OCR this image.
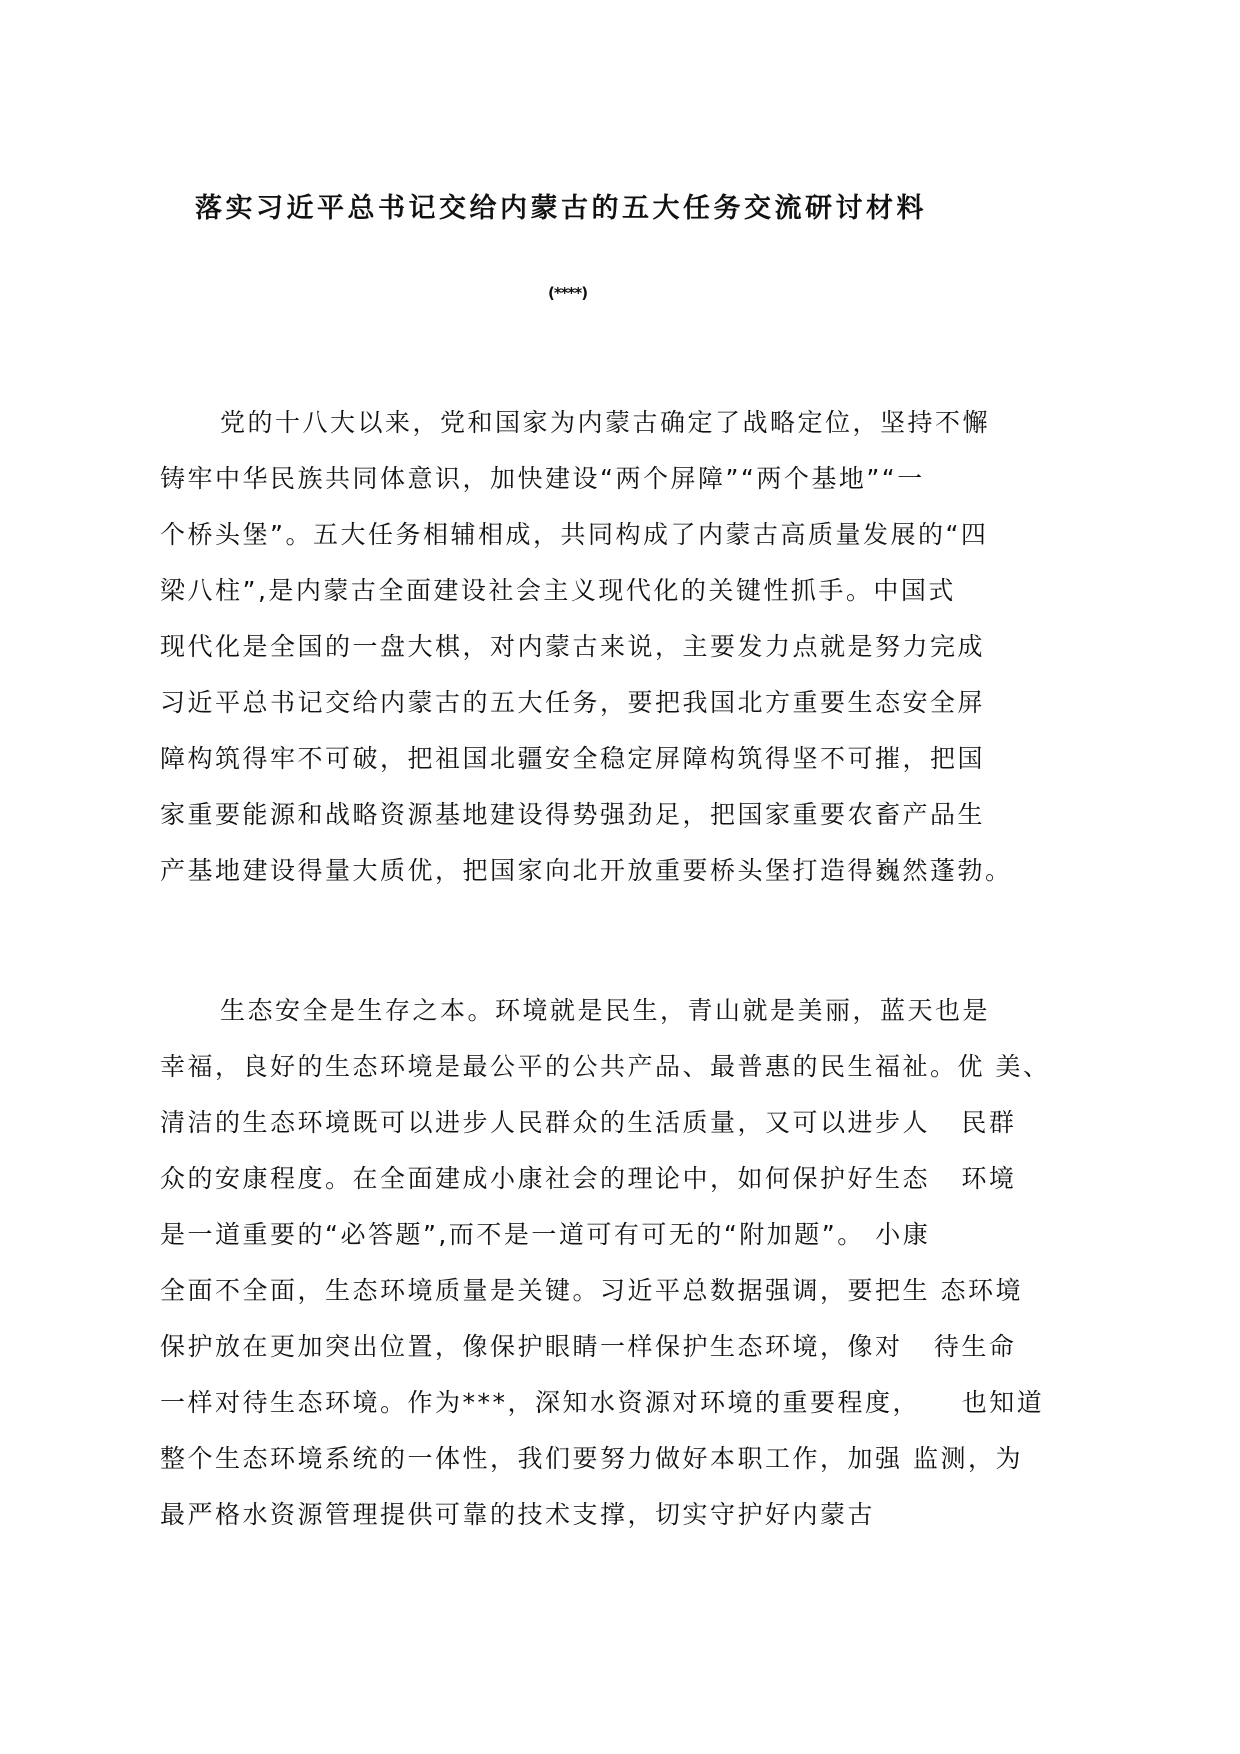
落实习近平总书记交给内蒙古的五大任务交流研讨材料
(****)
党的十八大以来，党和国家为内蒙古确定了战略定位，坚持不懈
铸牢中华民族共同体意识，加快建设“两个屏障”“两个基地”“一
个桥头堡”。五大任务相辅相成，共同构成了内蒙古高质量发展的“四
梁八柱”,是内蒙古全面建设社会主义现代化的关键性抓手。中国式
现代化是全国的一盘大棋，对内蒙古来说，主要发力点就是努力完成
习近平总书记交给内蒙古的五大任务，要把我国北方重要生态安全屏
障构筑得牢不可破，把祖国北疆安全稳定屏障构筑得坚不可摧，把国
家重要能源和战略资源基地建设得势强劲足，把国家重要农畜产品生
产基地建设得量大质优，把国家向北开放重要桥头堡打造得巍然蓬勃。
生态安全是生存之本。环境就是民生，青山就是美丽，蓝天也是
幸福，良好的生态环境是最公平的公共产品、最普惠的民生福祉。优 美、
清洁的生态环境既可以进步人民群众的生活质量，又可以进步人   民群
众的安康程度。在全面建成小康社会的理论中，如何保护好生态   环境
是一道重要的“必答题”,而不是一道可有可无的“附加题”。 小康
全面不全面，生态环境质量是关键。习近平总数据强调，要把生 态环境
保护放在更加突出位置，像保护眼睛一样保护生态环境，像对   待生命
一样对待生态环境。作为***，深知水资源对环境的重要程度，    也知道
整个生态环境系统的一体性，我们要努力做好本职工作，加强 监测，为
最严格水资源管理提供可靠的技术支撑，切实守护好内蒙古
